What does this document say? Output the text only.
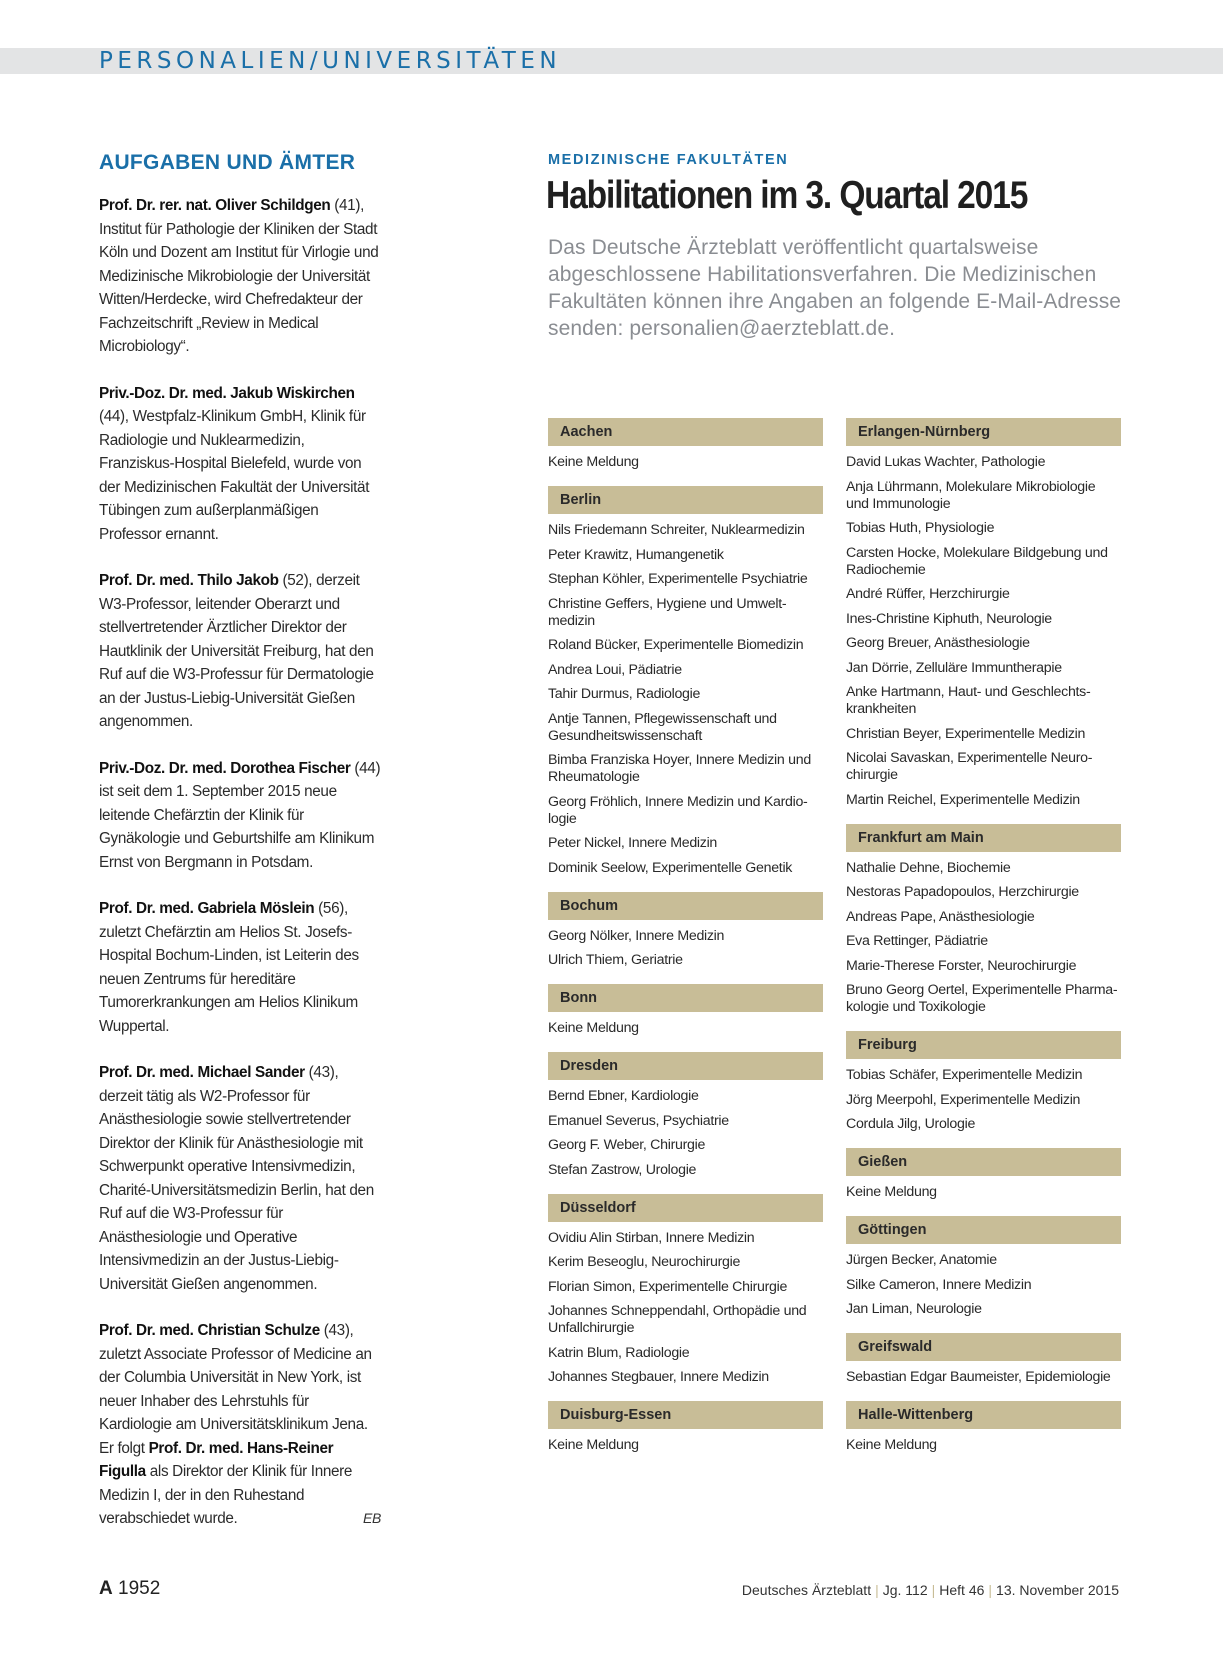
PERSONALIEN/UNIVERSITÄTEN
AUFGABEN UND ÄMTER
Prof. Dr. rer. nat. Oliver Schildgen (41), Institut für Pathologie der Kliniken der Stadt Köln und Dozent am Institut für Virlogie und Medizinische Mikrobiologie der Universität Witten/Herdecke, wird Chefredakteur der Fachzeitschrift „Review in Medical Microbiology“.
Priv.-Doz. Dr. med. Jakub Wiskirchen (44), Westpfalz-Klinikum GmbH, Klinik für Radiologie und Nuklearmedizin, Franziskus-Hospital Bielefeld, wurde von der Medizinischen Fakultät der Universität Tübingen zum außerplanmäßigen Professor ernannt.
Prof. Dr. med. Thilo Jakob (52), derzeit W3-Professor, leitender Oberarzt und stellvertretender Ärztlicher Direktor der Hautklinik der Universität Freiburg, hat den Ruf auf die W3-Professur für Dermatologie an der Justus-Liebig-Universität Gießen angenommen.
Priv.-Doz. Dr. med. Dorothea Fischer (44) ist seit dem 1. September 2015 neue leitende Chefärztin der Klinik für Gynäkologie und Geburtshilfe am Klinikum Ernst von Bergmann in Potsdam.
Prof. Dr. med. Gabriela Möslein (56), zuletzt Chefärztin am Helios St. Josefs-Hospital Bochum-Linden, ist Leiterin des neuen Zentrums für hereditäre Tumorerkrankungen am Helios Klinikum Wuppertal.
Prof. Dr. med. Michael Sander (43), derzeit tätig als W2-Professor für Anästhesiologie sowie stellvertretender Direktor der Klinik für Anästhesiologie mit Schwerpunkt operative Intensivmedizin, Charité-Universitätsmedizin Berlin, hat den Ruf auf die W3-Professur für Anästhesiologie und Operative Intensivmedizin an der Justus-Liebig-Universität Gießen angenommen.
Prof. Dr. med. Christian Schulze (43), zuletzt Associate Professor of Medicine an der Columbia Universität in New York, ist neuer Inhaber des Lehrstuhls für Kardiologie am Universitätsklinikum Jena. Er folgt Prof. Dr. med. Hans-Reiner Figulla als Direktor der Klinik für Innere Medizin I, der in den Ruhestand verabschiedet wurde.	EB
MEDIZINISCHE FAKULTÄTEN
Habilitationen im 3. Quartal 2015
Das Deutsche Ärzteblatt veröffentlicht quartalsweise abgeschlossene Habilitationsverfahren. Die Medizinischen Fakultäten können ihre Angaben an folgende E-Mail-Adresse senden: personalien@aerzteblatt.de.
Aachen
Keine Meldung
Berlin
Nils Friedemann Schreiter, Nuklearmedizin
Peter Krawitz, Humangenetik
Stephan Köhler, Experimentelle Psychiatrie
Christine Geffers, Hygiene und Umwelt-medizin
Roland Bücker, Experimentelle Biomedizin
Andrea Loui, Pädiatrie
Tahir Durmus, Radiologie
Antje Tannen, Pflegewissenschaft und Gesundheitswissenschaft
Bimba Franziska Hoyer, Innere Medizin und Rheumatologie
Georg Fröhlich, Innere Medizin und Kardio-logie
Peter Nickel, Innere Medizin
Dominik Seelow, Experimentelle Genetik
Bochum
Georg Nölker, Innere Medizin
Ulrich Thiem, Geriatrie
Bonn
Keine Meldung
Dresden
Bernd Ebner, Kardiologie
Emanuel Severus, Psychiatrie
Georg F. Weber, Chirurgie
Stefan Zastrow, Urologie
Düsseldorf
Ovidiu Alin Stirban, Innere Medizin
Kerim Beseoglu, Neurochirurgie
Florian Simon, Experimentelle Chirurgie
Johannes Schneppendahl, Orthopädie und Unfallchirurgie
Katrin Blum, Radiologie
Johannes Stegbauer, Innere Medizin
Duisburg-Essen
Keine Meldung
Erlangen-Nürnberg
David Lukas Wachter, Pathologie
Anja Lührmann, Molekulare Mikrobiologie und Immunologie
Tobias Huth, Physiologie
Carsten Hocke, Molekulare Bildgebung und Radiochemie
André Rüffer, Herzchirurgie
Ines-Christine Kiphuth, Neurologie
Georg Breuer, Anästhesiologie
Jan Dörrie, Zelluläre Immuntherapie
Anke Hartmann, Haut- und Geschlechts-krankheiten
Christian Beyer, Experimentelle Medizin
Nicolai Savaskan, Experimentelle Neuro-chirurgie
Martin Reichel, Experimentelle Medizin
Frankfurt am Main
Nathalie Dehne, Biochemie
Nestoras Papadopoulos, Herzchirurgie
Andreas Pape, Anästhesiologie
Eva Rettinger, Pädiatrie
Marie-Therese Forster, Neurochirurgie
Bruno Georg Oertel, Experimentelle Pharma-kologie und Toxikologie
Freiburg
Tobias Schäfer, Experimentelle Medizin
Jörg Meerpohl, Experimentelle Medizin
Cordula Jilg, Urologie
Gießen
Keine Meldung
Göttingen
Jürgen Becker, Anatomie
Silke Cameron, Innere Medizin
Jan Liman, Neurologie
Greifswald
Sebastian Edgar Baumeister, Epidemiologie
Halle-Wittenberg
Keine Meldung
A 1952	Deutsches Ärzteblatt | Jg. 112 | Heft 46 | 13. November 2015
